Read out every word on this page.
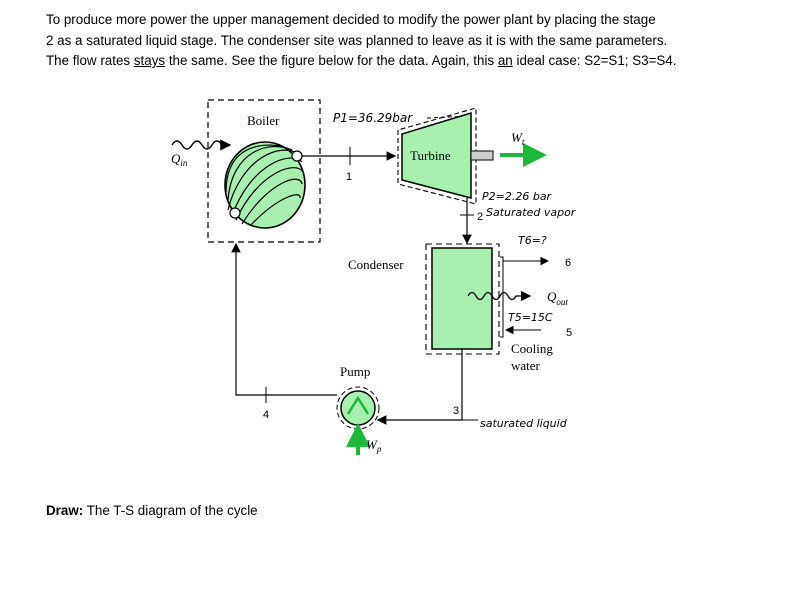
To produce more power the upper management decided to modify the power plant by placing the stage

2 as a saturated liquid stage. The condenser site was planned to leave as it is with the same parameters.

The flow rates stays the same. See the figure below for the data. Again, this an ideal case: S2=S1; S3=S4.

Boiler
$Q_{in}$
1
P1=36.29bar
Turbine
$W_t$
2
P2=2.26 bar
Saturated vapor
T6=?
Condenser	6
5
T5=15C
$Q_{out}$
Cooling
water
3
saturated liquid
Pump
$W_p$
4
Draw: The T-S diagram of the cycle
